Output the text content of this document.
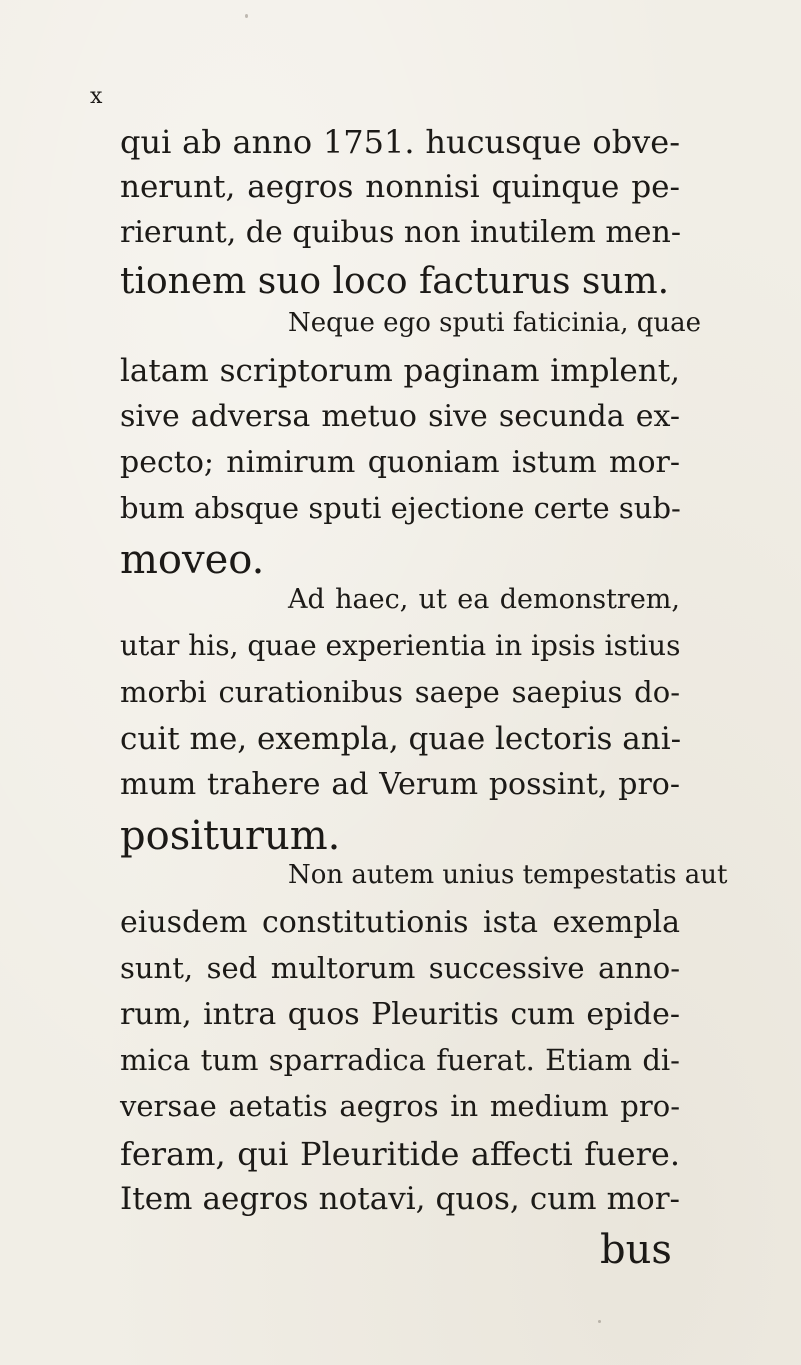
x
qui ab anno 1751. hucusque obve-
nerunt, aegros nonnisi quinque pe-
rierunt, de quibus non inutilem men-
tionem suo loco facturus sum.
Neque ego sputi faticinia, quae
latam scriptorum paginam implent,
sive adversa metuo sive secunda ex-
pecto; nimirum quoniam istum mor-
bum absque sputi ejectione certe sub-
moveo.
Ad haec, ut ea demonstrem,
utar his, quae experientia in ipsis istius
morbi curationibus saepe saepius do-
cuit me, exempla, quae lectoris ani-
mum trahere ad Verum possint, pro-
positurum.
Non autem unius tempestatis aut
eiusdem constitutionis ista exempla
sunt, sed multorum successive anno-
rum, intra quos Pleuritis cum epide-
mica tum sparradica fuerat. Etiam di-
versae aetatis aegros in medium pro-
feram, qui Pleuritide affecti fuere.
Item aegros notavi, quos, cum mor-
bus
